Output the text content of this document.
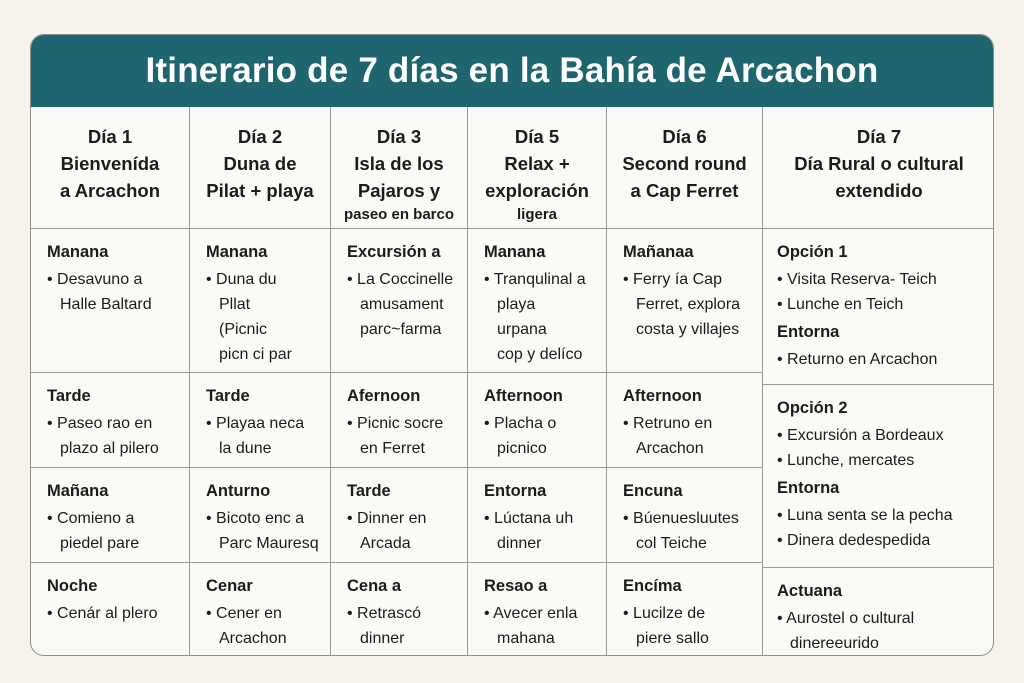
Itinerario de 7 días en la Bahía de Arcachon
Día 1
Bienvenída
a Arcachon
Manana
• Desavuno a
Halle Baltard
Tarde
• Paseo rao en
plazo al pilero
Mañana
• Comieno a
piedel pare
Noche
• Cenár al plero
Día 2
Duna de
Pilat + playa
Manana
• Duna du
Pllat
(Picnic
picn ci par
Tarde
• Playaa neca
la dune
Anturno
• Bicoto enc a
Parc Mauresq
Cenar
• Cener en
Arcachon
Día 3
Isla de los
Pajaros y
paseo en barco
Excursión a
• La Coccinelle
amusament
parc~farma
Afernoon
• Picnic socre
en Ferret
Tarde
• Dinner en
Arcada
Cena a
• Retrascó
dinner
Día 5
Relax +
exploración
ligera
Manana
• Tranqulinal a
playa
urpana
cop y delíco
Afternoon
• Placha o
picnico
Entorna
• Lúctana uh
dinner
Resao a
• Avecer enla
mahana
Día 6
Second round
a Cap Ferret
Mañanaa
• Ferry ía Cap
Ferret, explora
costa y villajes
Afternoon
• Retruno en
Arcachon
Encuna
• Búenuesluutes
col Teiche
Encíma
• Lucilze de
piere sallo
Día 7
Día Rural o cultural
extendido
Opción 1
• Visita Reserva- Teich
• Lunche en Teich
Entorna
• Returno en Arcachon
Opción 2
• Excursión a Bordeaux
• Lunche, mercates
Entorna
• Luna senta se la pecha
• Dinera dedespedida
Actuana
• Aurostel o cultural
dinereeurido
